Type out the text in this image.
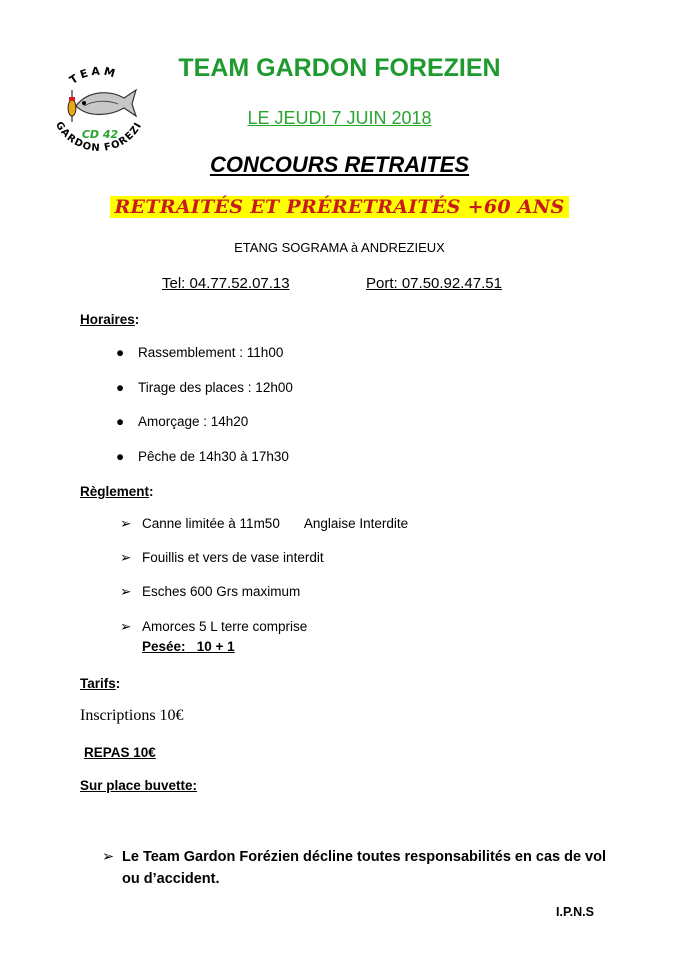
TEAM
GARDON FOREZI
CD 42
TEAM GARDON FOREZIEN
LE JEUDI 7 JUIN 2018
CONCOURS RETRAITES
RETRAITÉS ET PRÉRETRAITÉS +60 ANS
ETANG SOGRAMA à ANDREZIEUX
Tel: 04.77.52.07.13	Port: 07.50.92.47.51
Horaires:
● Rassemblement : 11h00
● Tirage des places : 12h00
● Amorçage : 14h20
● Pêche de 14h30 à 17h30
Règlement:
➢ Canne limitée à 11m50 Anglaise Interdite
➢ Fouillis et vers de vase interdit
➢ Esches 600 Grs maximum
➢ Amorces 5 L terre comprise
Pesée:   10 + 1
Tarifs:
Inscriptions 10€
REPAS 10€
Sur place buvette:
➢ Le Team Gardon Forézien décline toutes responsabilités en cas de vol ou d’accident.
I.P.N.S
